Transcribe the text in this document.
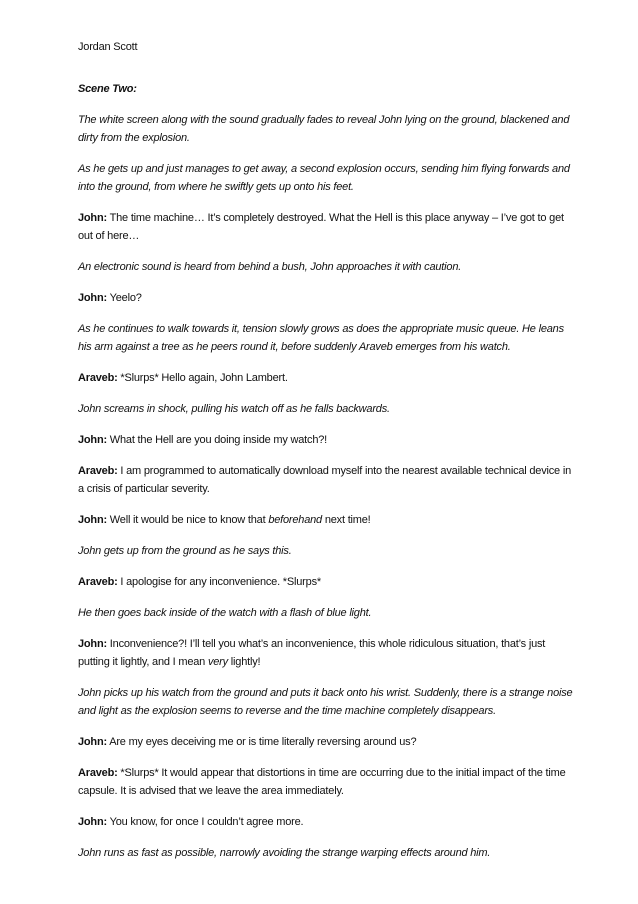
Jordan Scott
Scene Two:
The white screen along with the sound gradually fades to reveal John lying on the ground, blackened and dirty from the explosion.
As he gets up and just manages to get away, a second explosion occurs, sending him flying forwards and into the ground, from where he swiftly gets up onto his feet.
John: The time machine… It’s completely destroyed. What the Hell is this place anyway – I’ve got to get out of here…
An electronic sound is heard from behind a bush, John approaches it with caution.
John: Yeelo?
As he continues to walk towards it, tension slowly grows as does the appropriate music queue. He leans his arm against a tree as he peers round it, before suddenly Araveb emerges from his watch.
Araveb: *Slurps* Hello again, John Lambert.
John screams in shock, pulling his watch off as he falls backwards.
John: What the Hell are you doing inside my watch?!
Araveb: I am programmed to automatically download myself into the nearest available technical device in a crisis of particular severity.
John: Well it would be nice to know that beforehand next time!
John gets up from the ground as he says this.
Araveb: I apologise for any inconvenience. *Slurps*
He then goes back inside of the watch with a flash of blue light.
John: Inconvenience?! I’ll tell you what’s an inconvenience, this whole ridiculous situation, that’s just putting it lightly, and I mean very lightly!
John picks up his watch from the ground and puts it back onto his wrist. Suddenly, there is a strange noise and light as the explosion seems to reverse and the time machine completely disappears.
John: Are my eyes deceiving me or is time literally reversing around us?
Araveb: *Slurps* It would appear that distortions in time are occurring due to the initial impact of the time capsule. It is advised that we leave the area immediately.
John: You know, for once I couldn’t agree more.
John runs as fast as possible, narrowly avoiding the strange warping effects around him.
